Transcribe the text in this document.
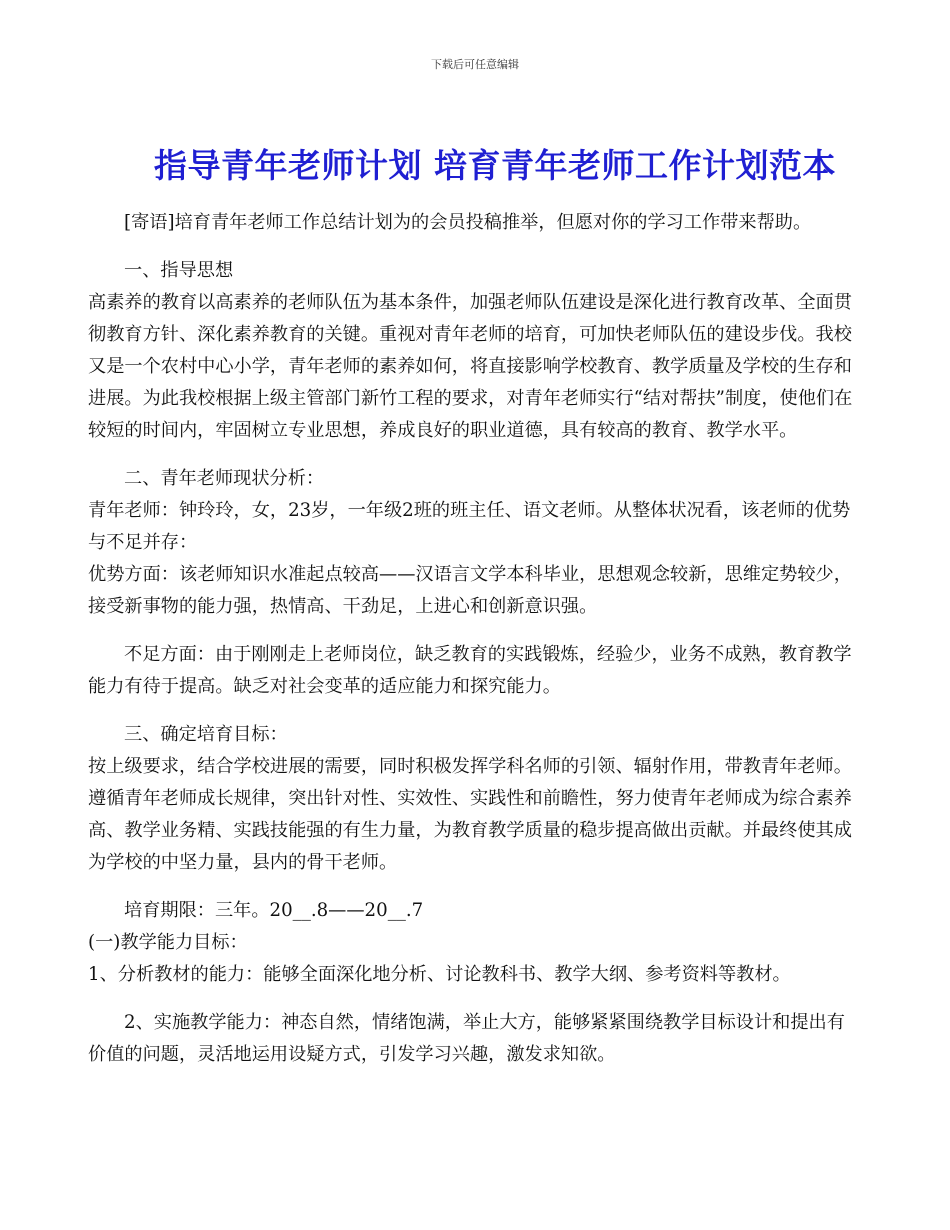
下载后可任意编辑
指导青年老师计划 培育青年老师工作计划范本

[寄语]培育青年老师工作总结计划为的会员投稿推举，但愿对你的学习工作带来帮助。

一、指导思想

高素养的教育以高素养的老师队伍为基本条件，加强老师队伍建设是深化进行教育改革、全面贯彻教育方针、深化素养教育的关键。重视对青年老师的培育，可加快老师队伍的建设步伐。我校又是一个农村中心小学，青年老师的素养如何，将直接影响学校教育、教学质量及学校的生存和进展。为此我校根据上级主管部门新竹工程的要求，对青年老师实行“结对帮扶”制度，使他们在较短的时间内，牢固树立专业思想，养成良好的职业道德，具有较高的教育、教学水平。

二、青年老师现状分析：

青年老师：钟玲玲，女，23岁，一年级2班的班主任、语文老师。从整体状况看，该老师的优势与不足并存：

优势方面：该老师知识水准起点较高——汉语言文学本科毕业，思想观念较新，思维定势较少，接受新事物的能力强，热情高、干劲足，上进心和创新意识强。

不足方面：由于刚刚走上老师岗位，缺乏教育的实践锻炼，经验少，业务不成熟，教育教学能力有待于提高。缺乏对社会变革的适应能力和探究能力。

三、确定培育目标：

按上级要求，结合学校进展的需要，同时积极发挥学科名师的引领、辐射作用，带教青年老师。遵循青年老师成长规律，突出针对性、实效性、实践性和前瞻性，努力使青年老师成为综合素养高、教学业务精、实践技能强的有生力量，为教育教学质量的稳步提高做出贡献。并最终使其成为学校的中坚力量，县内的骨干老师。

培育期限：三年。20__.8——20__.7

(一)教学能力目标：

1、分析教材的能力：能够全面深化地分析、讨论教科书、教学大纲、参考资料等教材。

2、实施教学能力：神态自然，情绪饱满，举止大方，能够紧紧围绕教学目标设计和提出有价值的问题，灵活地运用设疑方式，引发学习兴趣，激发求知欲。
